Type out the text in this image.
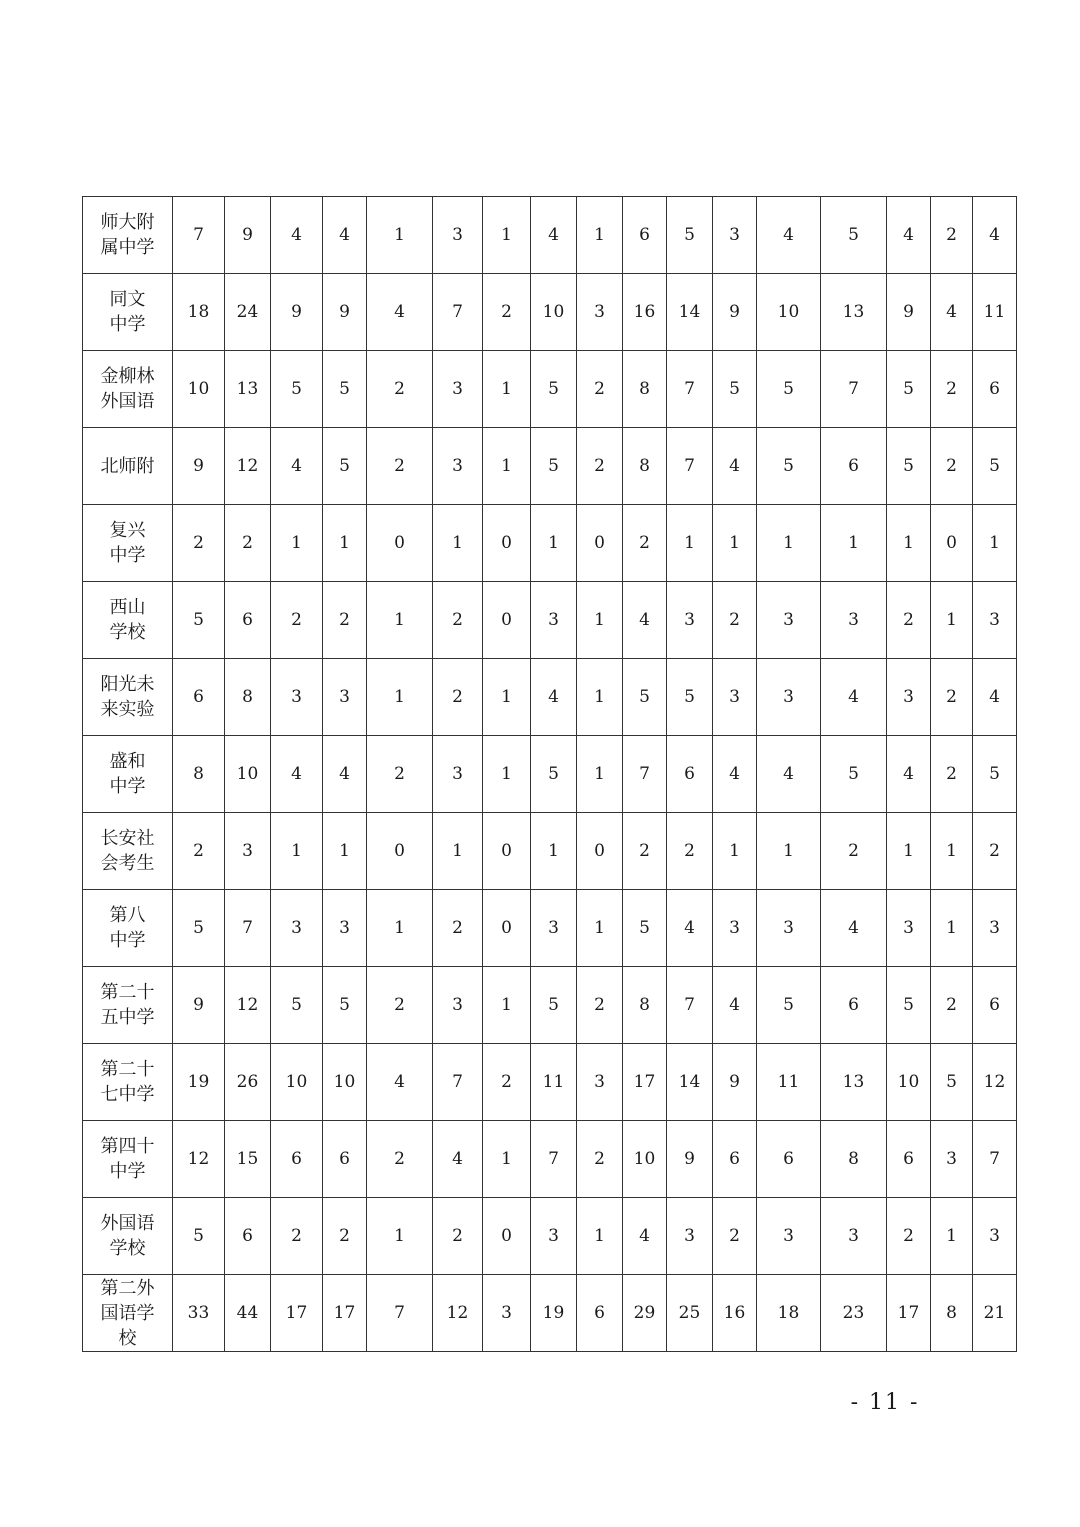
师大附
属中学	7	9	4	4	1	3	1	4	1	6	5	3	4	5	4	2	4
同文
中学	18	24	9	9	4	7	2	10	3	16	14	9	10	13	9	4	11
金柳林
外国语	10	13	5	5	2	3	1	5	2	8	7	5	5	7	5	2	6
北师附	9	12	4	5	2	3	1	5	2	8	7	4	5	6	5	2	5
复兴
中学	2	2	1	1	0	1	0	1	0	2	1	1	1	1	1	0	1
西山
学校	5	6	2	2	1	2	0	3	1	4	3	2	3	3	2	1	3
阳光未
来实验	6	8	3	3	1	2	1	4	1	5	5	3	3	4	3	2	4
盛和
中学	8	10	4	4	2	3	1	5	1	7	6	4	4	5	4	2	5
长安社
会考生	2	3	1	1	0	1	0	1	0	2	2	1	1	2	1	1	2
第八
中学	5	7	3	3	1	2	0	3	1	5	4	3	3	4	3	1	3
第二十
五中学	9	12	5	5	2	3	1	5	2	8	7	4	5	6	5	2	6
第二十
七中学	19	26	10	10	4	7	2	11	3	17	14	9	11	13	10	5	12
第四十
中学	12	15	6	6	2	4	1	7	2	10	9	6	6	8	6	3	7
外国语
学校	5	6	2	2	1	2	0	3	1	4	3	2	3	3	2	1	3
第二外
国语学
校	33	44	17	17	7	12	3	19	6	29	25	16	18	23	17	8	21
- 11 -
